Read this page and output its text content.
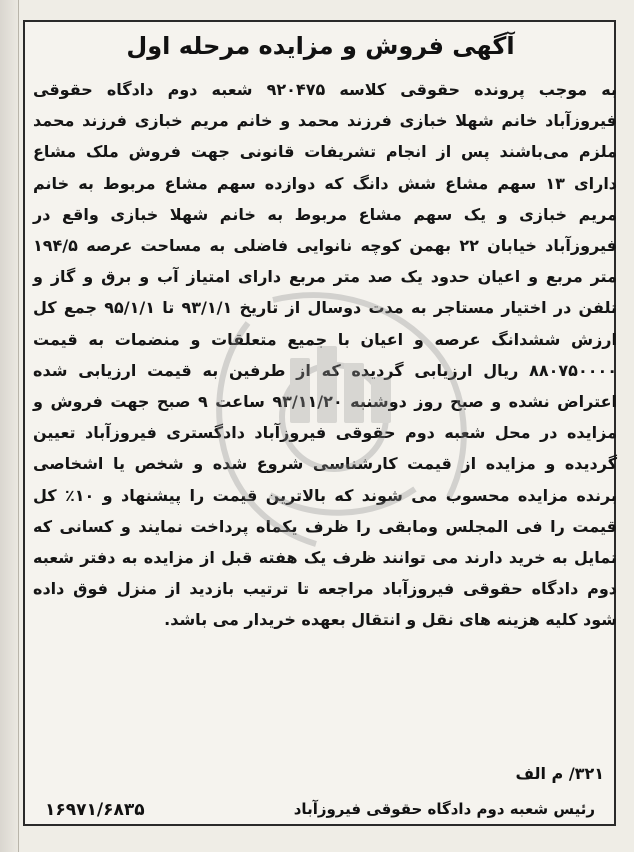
آگهی فروش و مزایده مرحله اول
به موجب پرونده حقوقی کلاسه ۹۲۰۴۷۵ شعبه دوم دادگاه حقوقی فیروزآباد خانم شهلا خبازی فرزند محمد و خانم مریم خبازی فرزند محمد ملزم می‌باشند پس از انجام تشریفات قانونی جهت فروش ملک مشاع دارای ۱۳ سهم مشاع شش دانگ که دوازده سهم مشاع مربوط به خانم مریم خبازی و یک سهم مشاع مربوط به خانم شهلا خبازی واقع در فیروزآباد خیابان ۲۲ بهمن کوچه نانوایی فاضلی به مساحت عرصه ۱۹۴/۵ متر مربع و اعیان حدود یک صد متر مربع دارای امتیاز آب و برق و گاز و تلفن در اختیار مستاجر به مدت دوسال از تاریخ ۹۳/۱/۱ تا ۹۵/۱/۱ جمع کل ارزش ششدانگ عرصه و اعیان با جمیع متعلقات و منضمات به قیمت ۸۸۰۷۵۰۰۰۰ ریال ارزیابی گردیده که از طرفین به قیمت ارزیابی شده اعتراض نشده و صبح روز دوشنبه ۹۳/۱۱/۲۰ ساعت ۹ صبح جهت فروش و مزایده در محل شعبه دوم حقوقی فیروزآباد دادگستری فیروزآباد تعیین گردیده و مزایده از قیمت کارشناسی شروع شده و شخص یا اشخاصی برنده مزایده محسوب می شوند که بالاترین قیمت را پیشنهاد و ۱۰٪ کل قیمت را فی المجلس ومابقی را ظرف یکماه پرداخت نمایند و کسانی که تمایل به خرید دارند می توانند ظرف یک هفته قبل از مزایده به دفتر شعبه دوم دادگاه حقوقی فیروزآباد مراجعه تا ترتیب بازدید از منزل فوق داده شود کلیه هزینه های نقل و انتقال بعهده خریدار می باشد.
۳۲۱/ م الف
رئیس شعبه دوم دادگاه حقوقی فیروزآباد
۱۶۹۷۱/۶۸۳۵
